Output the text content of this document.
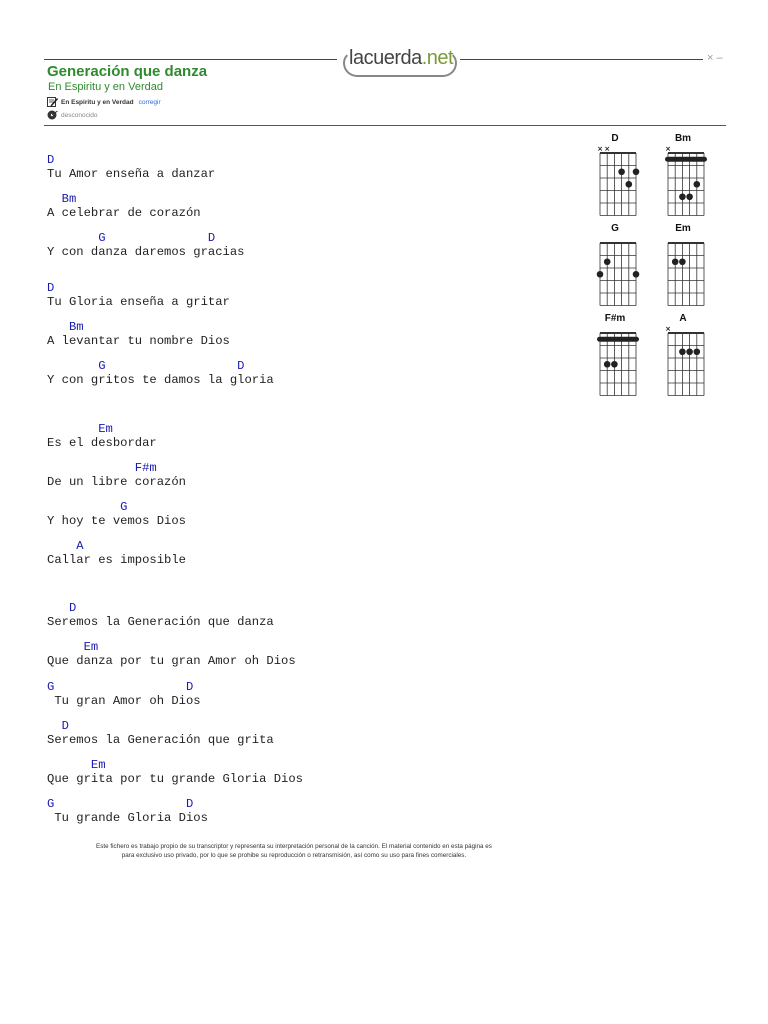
lacuerda.net	× –
Generación que danza
En Espiritu y en Verdad
En Espiritu y en Verdad corregir
desconocido
D
Tu Amor enseña a danzar
Bm
A celebrar de corazón
G              D
Y con danza daremos gracias
D
Tu Gloria enseña a gritar
Bm
A levantar tu nombre Dios
G                  D
Y con gritos te damos la gloria
Em
Es el desbordar
F#m
De un libre corazón
G
Y hoy te vemos Dios
A
Callar es imposible
D
Seremos la Generación que danza
Em
Que danza por tu gran Amor oh Dios
G                  D
Tu gran Amor oh Dios
D
Seremos la Generación que grita
Em
Que grita por tu grande Gloria Dios
G                  D
Tu grande Gloria Dios
D
× ×
Bm
×
G	Em
F#m	A
×
Este fichero es trabajo propio de su transcriptor y representa su interpretación personal de la canción. El material contenido en esta página es
para exclusivo uso privado, por lo que se prohibe su reproducción o retransmisión, así como su uso para fines comerciales.
